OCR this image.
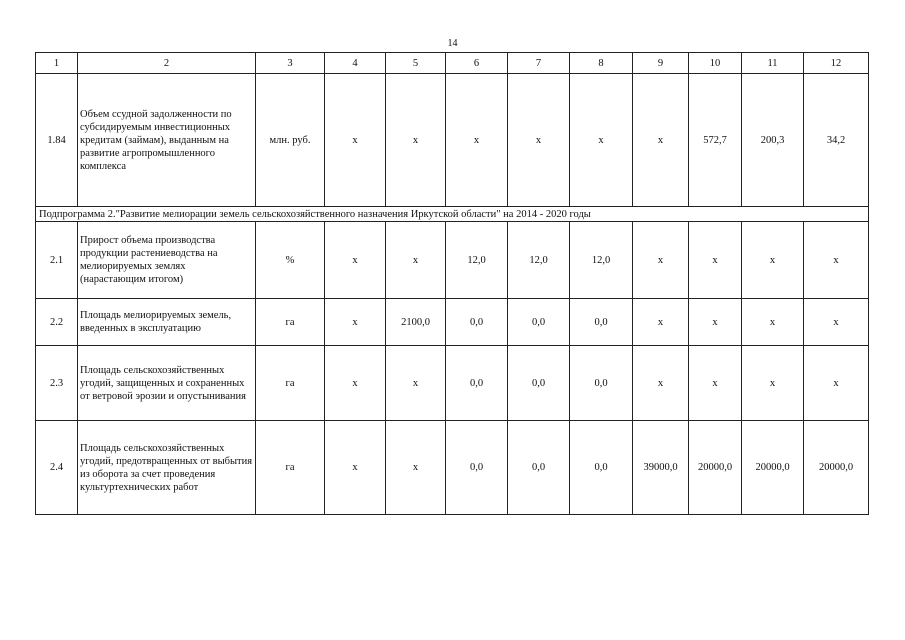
14
1	2	3	4	5	6	7	8	9	10	11	12
1.84	Объем ссудной задолженности по субсидируемым инвестиционных кредитам (займам), выданным на развитие агропромышленного комплекса	млн. руб.	х	х	х	х	х	х	572,7	200,3	34,2
Подпрограмма 2."Развитие мелиорации земель сельскохозяйственного назначения Иркутской области" на 2014 - 2020 годы											
2.1	Прирост объема производства продукции растениеводства на мелиорируемых землях (нарастающим итогом)	%	х	х	12,0	12,0	12,0	х	х	х	х
2.2	Площадь мелиорируемых земель, введенных в эксплуатацию	га	х	2100,0	0,0	0,0	0,0	х	х	х	х
2.3	Площадь сельскохозяйственных угодий, защищенных и сохраненных от ветровой эрозии и опустынивания	га	х	х	0,0	0,0	0,0	х	х	х	х
2.4	Площадь сельскохозяйственных угодий, предотвращенных от выбытия из оборота за счет проведения культуртехнических работ	га	х	х	0,0	0,0	0,0	39000,0	20000,0	20000,0	20000,0
